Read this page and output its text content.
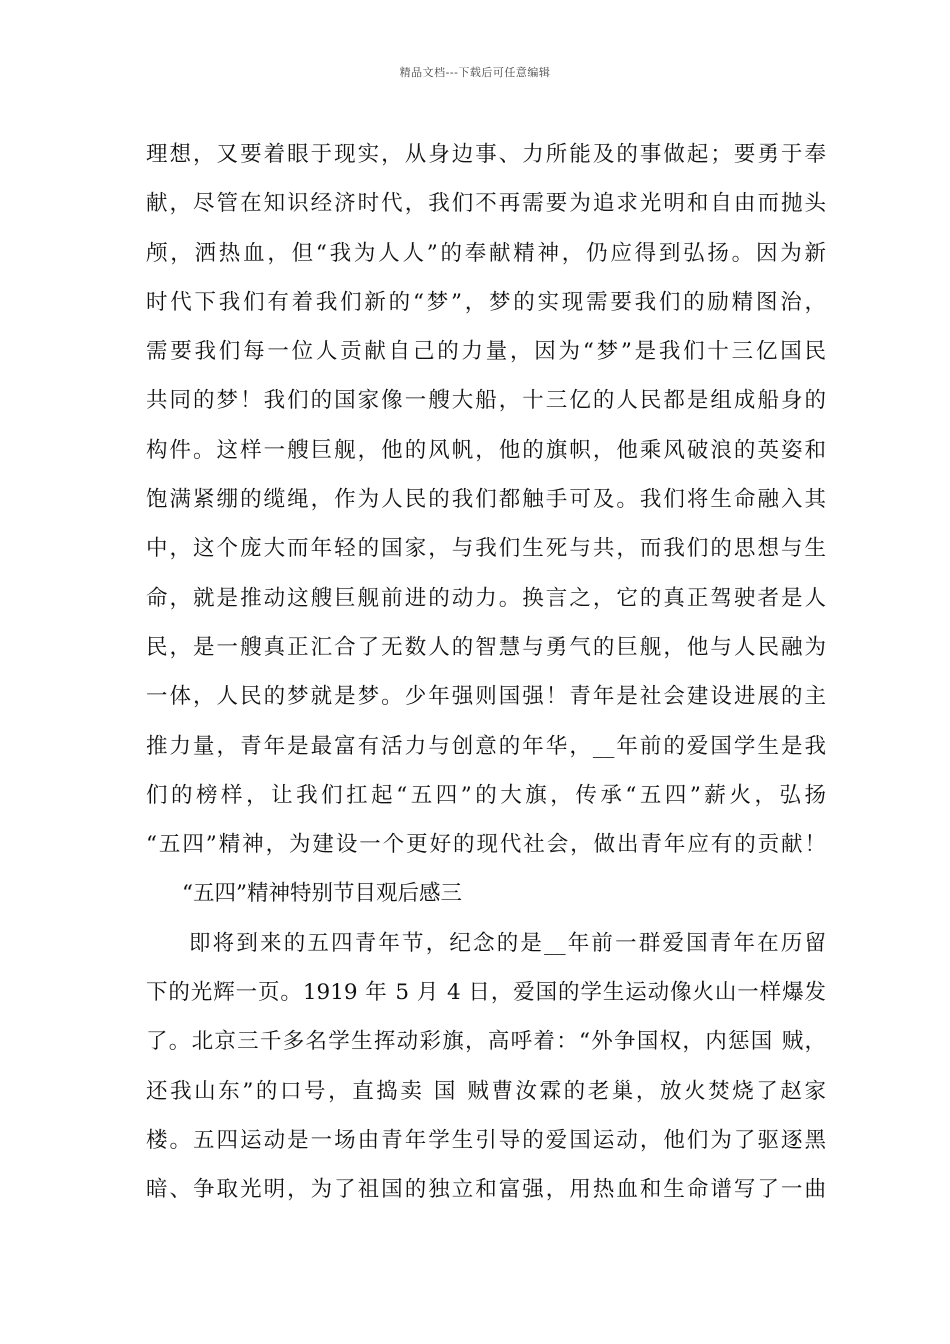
精品文档---下载后可任意编辑
理想，又要着眼于现实，从身边事、力所能及的事做起；要勇于奉
献，尽管在知识经济时代，我们不再需要为追求光明和自由而抛头
颅，洒热血，但“我为人人”的奉献精神，仍应得到弘扬。因为新
时代下我们有着我们新的“梦”，梦的实现需要我们的励精图治，
需要我们每一位人贡献自己的力量，因为“梦”是我们十三亿国民
共同的梦！我们的国家像一艘大船，十三亿的人民都是组成船身的
构件。这样一艘巨舰，他的风帆，他的旗帜，他乘风破浪的英姿和
饱满紧绷的缆绳，作为人民的我们都触手可及。我们将生命融入其
中，这个庞大而年轻的国家，与我们生死与共，而我们的思想与生
命，就是推动这艘巨舰前进的动力。换言之，它的真正驾驶者是人
民，是一艘真正汇合了无数人的智慧与勇气的巨舰，他与人民融为
一体，人民的梦就是梦。少年强则国强！青年是社会建设进展的主
推力量，青年是最富有活力与创意的年华，__年前的爱国学生是我
们的榜样，让我们扛起“五四”的大旗，传承“五四”薪火，弘扬
“五四”精神，为建设一个更好的现代社会，做出青年应有的贡献！
“五四”精神特别节目观后感三
即将到来的五四青年节，纪念的是__年前一群爱国青年在历留
下的光辉一页。1919 年 5 月 4 日，爱国的学生运动像火山一样爆发
了。北京三千多名学生挥动彩旗，高呼着：“外争国权，内惩国 贼，
还我山东”的口号，直捣卖 国 贼曹汝霖的老巢，放火焚烧了赵家
楼。五四运动是一场由青年学生引导的爱国运动，他们为了驱逐黑
暗、争取光明，为了祖国的独立和富强，用热血和生命谱写了一曲
